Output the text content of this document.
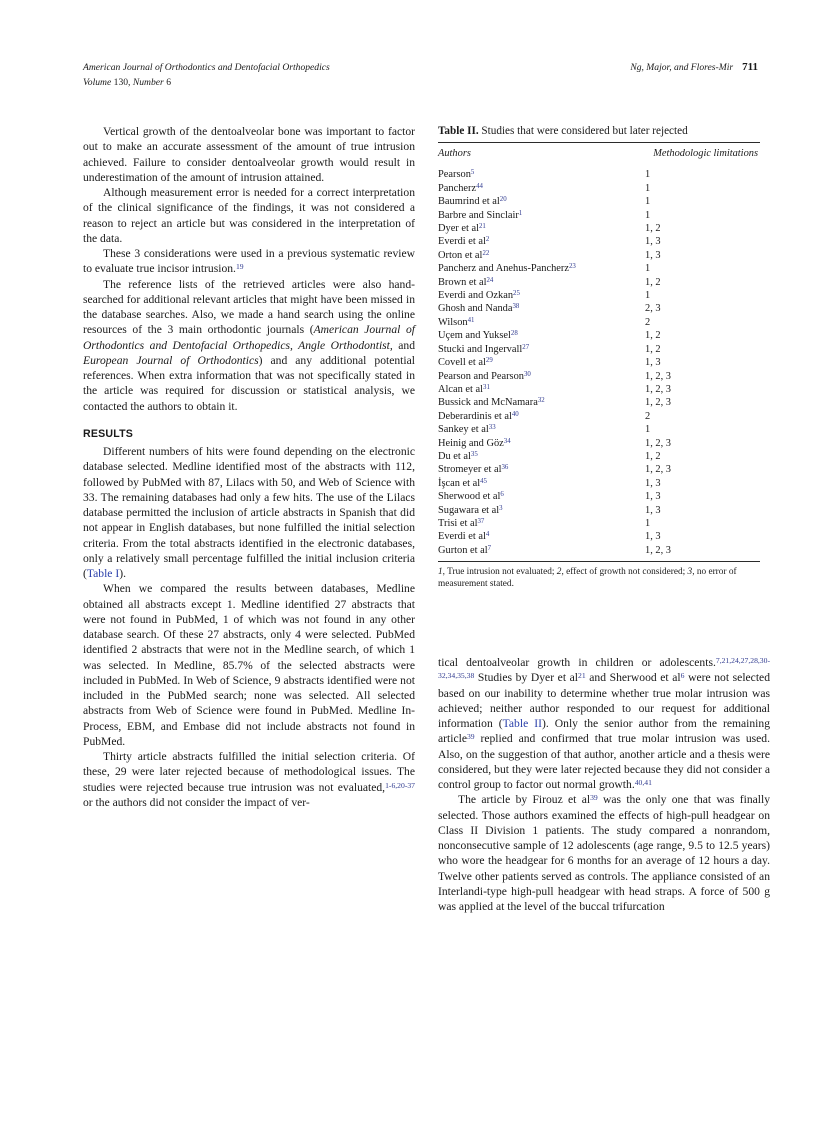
American Journal of Orthodontics and Dentofacial Orthopedics	Ng, Major, and Flores-Mir 711
Volume 130, Number 6

Vertical growth of the dentoalveolar bone was important to factor out to make an accurate assessment of the amount of true intrusion achieved. Failure to consider dentoalveolar growth would result in underestimation of the amount of intrusion attained.

Although measurement error is needed for a correct interpretation of the clinical significance of the findings, it was not considered a reason to reject an article but was considered in the interpretation of the data.

These 3 considerations were used in a previous systematic review to evaluate true incisor intrusion.$^{19}$

The reference lists of the retrieved articles were also hand-searched for additional relevant articles that might have been missed in the database searches. Also, we made a hand search using the online resources of the 3 main orthodontic journals (American Journal of Orthodontics and Dentofacial Orthopedics, Angle Orthodontist, and European Journal of Orthodontics) and any additional potential references. When extra information that was not specifically stated in the article was required for discussion or statistical analysis, we contacted the authors to obtain it.

RESULTS

Different numbers of hits were found depending on the electronic database selected. Medline identified most of the abstracts with 112, followed by PubMed with 87, Lilacs with 50, and Web of Science with 33. The remaining databases had only a few hits. The use of the Lilacs database permitted the inclusion of article abstracts in Spanish that did not appear in English databases, but none fulfilled the initial selection criteria. From the total abstracts identified in the electronic databases, only a relatively small percentage fulfilled the initial inclusion criteria (Table I).

When we compared the results between databases, Medline obtained all abstracts except 1. Medline identified 27 abstracts that were not found in PubMed, 1 of which was not found in any other database search. Of these 27 abstracts, only 4 were selected. PubMed identified 2 abstracts that were not in the Medline search, of which 1 was selected. In Medline, 85.7% of the selected abstracts were included in PubMed. In Web of Science, 9 abstracts identified were not included in the PubMed search; none was selected. All selected abstracts from Web of Science were found in PubMed. Medline In-Process, EBM, and Embase did not include abstracts not found in PubMed.

Thirty article abstracts fulfilled the initial selection criteria. Of these, 29 were later rejected because of methodological issues. The studies were rejected because true intrusion was not evaluated,$^{1-6,20-37}$ or the authors did not consider the impact of ver-

Table II. Studies that were considered but later rejected
Authors	Methodologic limitations
Pearson$^5$	1
Pancherz$^{44}$	1
Baumrind et al$^{20}$	1
Barbre and Sinclair$^1$	1
Dyer et al$^{21}$	1, 2
Everdi et al$^2$	1, 3
Orton et al$^{22}$	1, 3
Pancherz and Anehus-Pancherz$^{23}$	1
Brown et al$^{24}$	1, 2
Everdi and Ozkan$^{25}$	1
Ghosh and Nanda$^{38}$	2, 3
Wilson$^{41}$	2
Uçem and Yuksel$^{28}$	1, 2
Stucki and Ingervall$^{27}$	1, 2
Covell et al$^{29}$	1, 3
Pearson and Pearson$^{30}$	1, 2, 3
Alcan et al$^{31}$	1, 2, 3
Bussick and McNamara$^{32}$	1, 2, 3
Deberardinis et al$^{40}$	2
Sankey et al$^{33}$	1
Heinig and Göz$^{34}$	1, 2, 3
Du et al$^{35}$	1, 2
Stromeyer et al$^{36}$	1, 2, 3
İşcan et al$^{45}$	1, 3
Sherwood et al$^6$	1, 3
Sugawara et al$^3$	1, 3
Trisi et al$^{37}$	1
Everdi et al$^4$	1, 3
Gurton et al$^7$	1, 2, 3
1, True intrusion not evaluated; 2, effect of growth not considered; 3, no error of measurement stated.

tical dentoalveolar growth in children or adolescents.$^{7,21,24,27,28,30-32,34,35,38}$ Studies by Dyer et al$^{21}$ and Sherwood et al$^6$ were not selected based on our inability to determine whether true molar intrusion was achieved; neither author responded to our request for additional information (Table II). Only the senior author from the remaining article$^{39}$ replied and confirmed that true molar intrusion was used. Also, on the suggestion of that author, another article and a thesis were considered, but they were later rejected because they did not consider a control group to factor out normal growth.$^{40,41}$

The article by Firouz et al$^{39}$ was the only one that was finally selected. Those authors examined the effects of high-pull headgear on Class II Division 1 patients. The study compared a nonrandom, nonconsecutive sample of 12 adolescents (age range, 9.5 to 12.5 years) who wore the headgear for 6 months for an average of 12 hours a day. Twelve other patients served as controls. The appliance consisted of an Interlandi-type high-pull headgear with head straps. A force of 500 g was applied at the level of the buccal trifurcation
